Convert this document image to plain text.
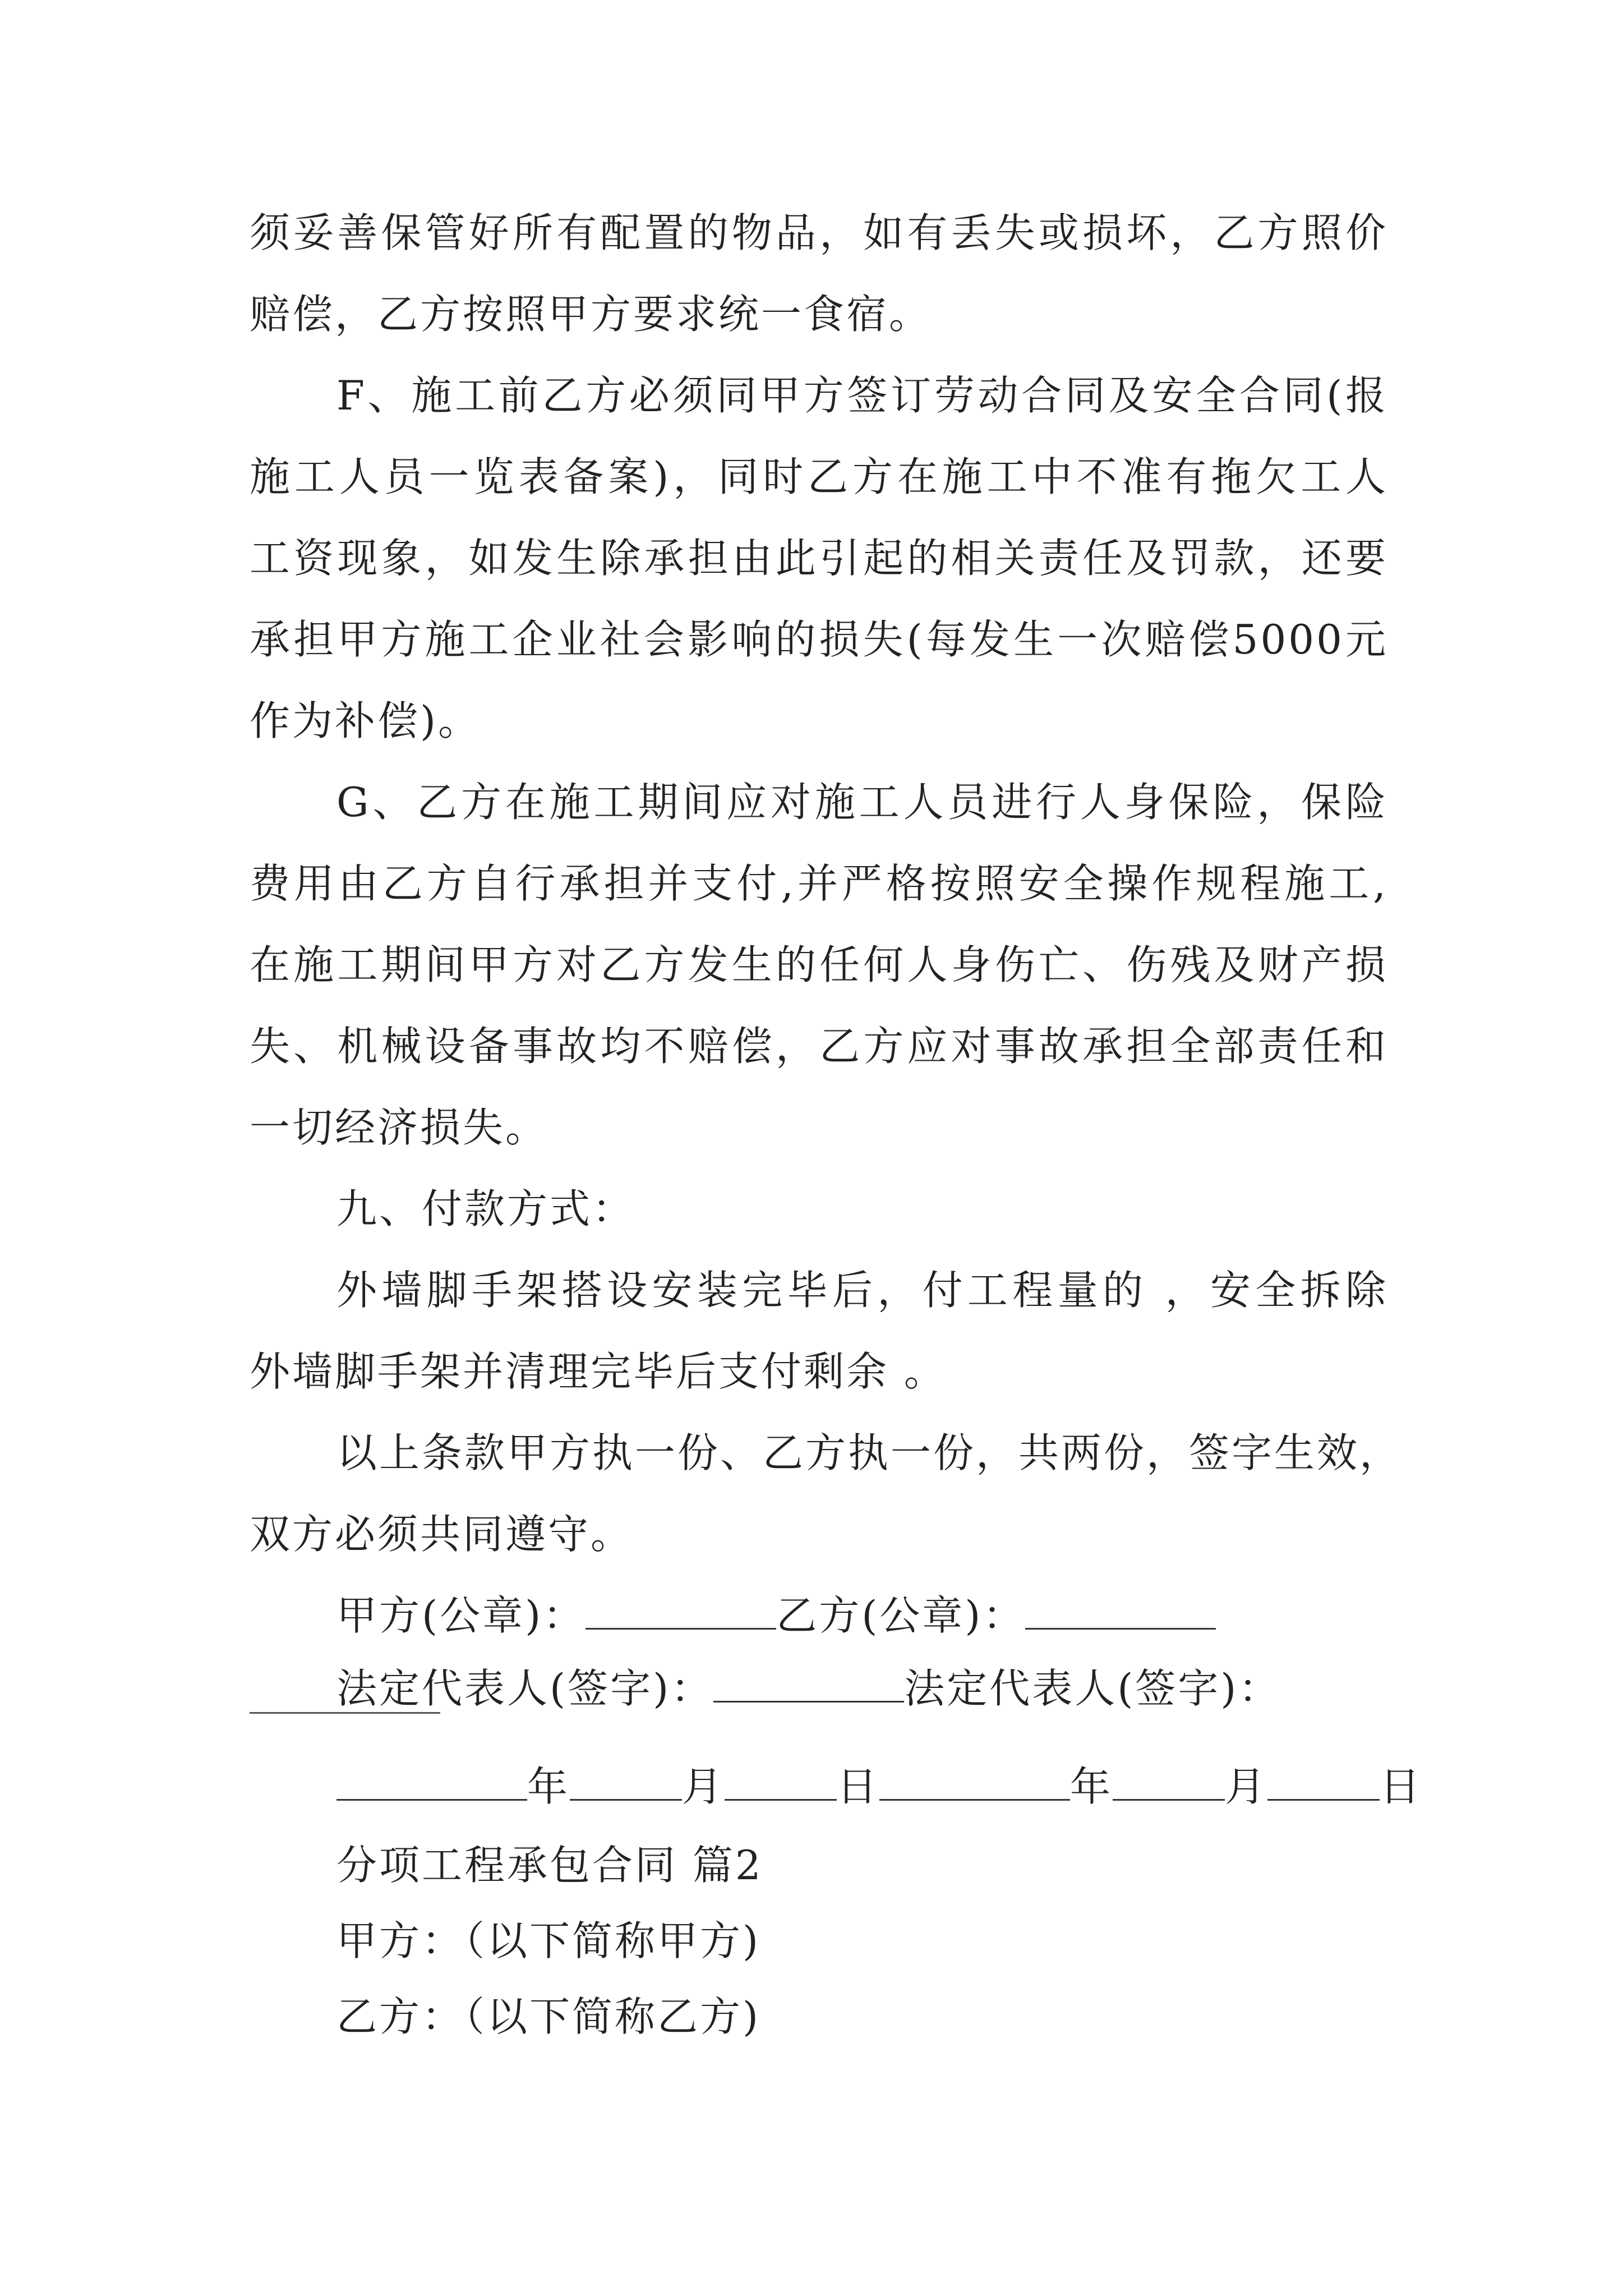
须妥善保管好所有配置的物品，如有丢失或损坏，乙方照价
赔偿，乙方按照甲方要求统一食宿。
F、施工前乙方必须同甲方签订劳动合同及安全合同(报
施工人员一览表备案)，同时乙方在施工中不准有拖欠工人
工资现象，如发生除承担由此引起的相关责任及罚款，还要
承担甲方施工企业社会影响的损失(每发生一次赔偿5000元
作为补偿)。
G、乙方在施工期间应对施工人员进行人身保险，保险
费用由乙方自行承担并支付,并严格按照安全操作规程施工,
在施工期间甲方对乙方发生的任何人身伤亡、伤残及财产损
失、机械设备事故均不赔偿，乙方应对事故承担全部责任和
一切经济损失。
九、付款方式：
外墙脚手架搭设安装完毕后，付工程量的 ，安全拆除
外墙脚手架并清理完毕后支付剩余 。
以上条款甲方执一份、乙方执一份，共两份，签字生效，
双方必须共同遵守。
甲方(公章)：	乙方(公章)：
法定代表人(签字)：	法定代表人(签字)：
年	月	日	年	月	日
分项工程承包合同 篇2
甲方：（以下简称甲方)
乙方：（以下简称乙方)
